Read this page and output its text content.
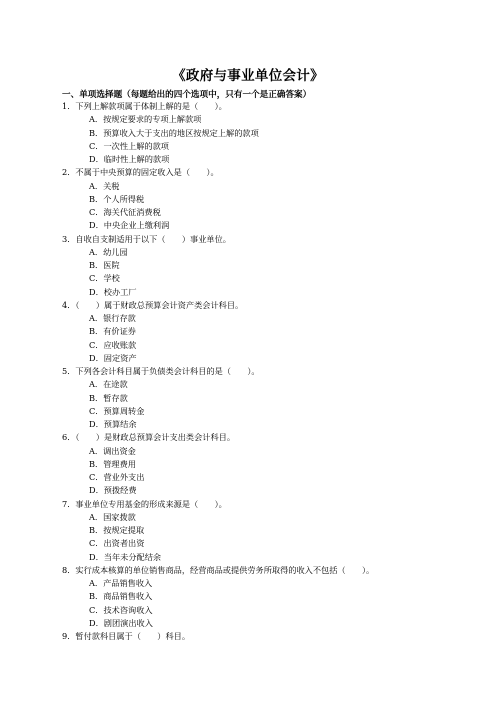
《政府与事业单位会计》
一、单项选择题（每题给出的四个选项中，只有一个是正确答案）
1．下列上解款项属于体制上解的是（　　）。
A．按规定要求的专项上解款项
B．预算收入大于支出的地区按规定上解的款项
C．一次性上解的款项
D．临时性上解的款项
2．不属于中央预算的固定收入是（　　）。
A．关税
B．个人所得税
C．海关代征消费税
D．中央企业上缴利润
3．自收自支制适用于以下（　　）事业单位。
A．幼儿园
B．医院
C．学校
D．校办工厂
4．（　　）属于财政总预算会计资产类会计科目。
A．银行存款
B．有价证券
C．应收账款
D．固定资产
5．下列各会计科目属于负债类会计科目的是（　　）。
A．在途款
B．暂存款
C．预算周转金
D．预算结余
6．（　　）是财政总预算会计支出类会计科目。
A．调出资金
B．管理费用
C．营业外支出
D．预拨经费
7．事业单位专用基金的形成来源是（　　）。
A．国家拨款
B．按规定提取
C．出资者出资
D．当年未分配结余
8．实行成本核算的单位销售商品，经营商品或提供劳务所取得的收入不包括（　　）。
A．产品销售收入
B．商品销售收入
C．技术咨询收入
D．剧团演出收入
9．暂付款科目属于（　　）科目。
